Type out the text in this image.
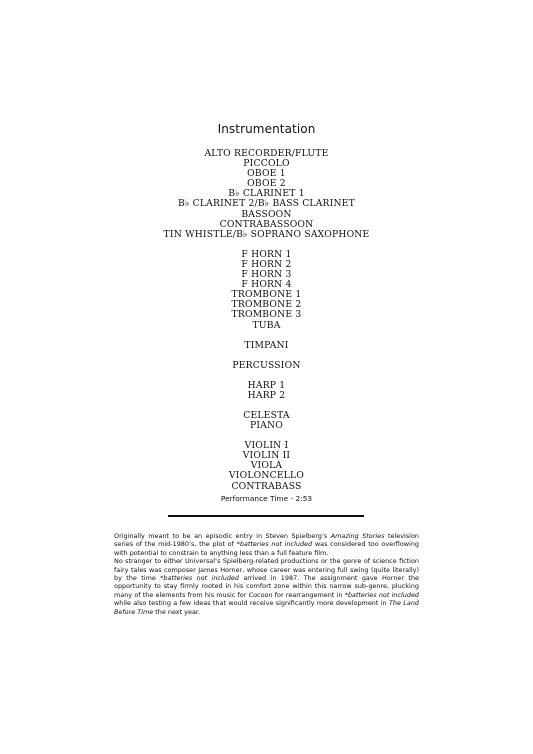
Instrumentation
ALTO RECORDER/FLUTE
PICCOLO
OBOE 1
OBOE 2
B♭ CLARINET 1
B♭ CLARINET 2/B♭ BASS CLARINET
BASSOON
CONTRABASSOON
TIN WHISTLE/B♭ SOPRANO SAXOPHONE
F HORN 1
F HORN 2
F HORN 3
F HORN 4
TROMBONE 1
TROMBONE 2
TROMBONE 3
TUBA
TIMPANI
PERCUSSION
HARP 1
HARP 2
CELESTA
PIANO
VIOLIN I
VIOLIN II
VIOLA
VIOLONCELLO
CONTRABASS
Performance Time - 2:53

Originally meant to be an episodic entry in Steven Spielberg’s Amazing Stories television series of the mid-1980’s, the plot of *batteries not included was considered too overflowing with potential to constrain to anything less than a full feature film.

No stranger to either Universal’s Spielberg-related productions or the genre of science fiction fairy tales was composer James Horner, whose career was entering full swing (quite literally) by the time *batteries not included arrived in 1987. The assignment gave Horner the opportunity to stay firmly rooted in his comfort zone within this narrow sub-genre, plucking many of the elements from his music for Cocoon for rearrangement in *batteries not included while also testing a few ideas that would receive significantly more development in The Land Before Time the next year.
